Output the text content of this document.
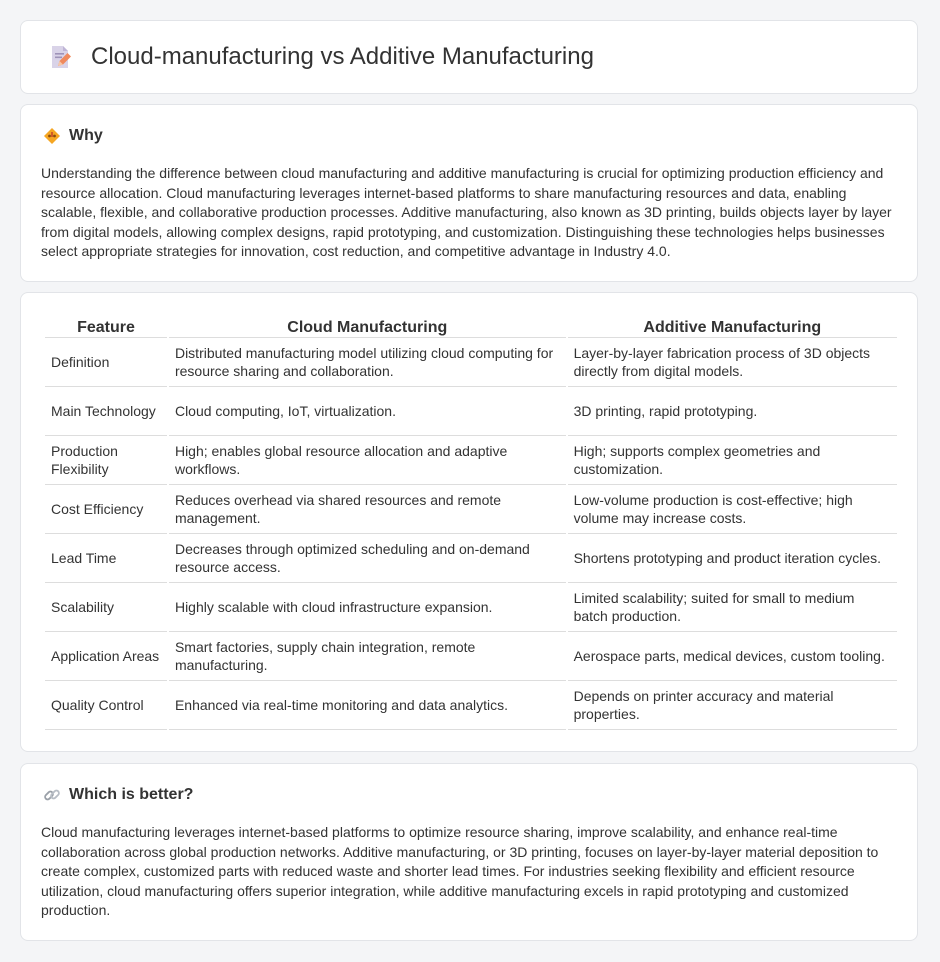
Cloud-manufacturing vs Additive Manufacturing
Why

Understanding the difference between cloud manufacturing and additive manufacturing is crucial for optimizing production efficiency and resource allocation. Cloud manufacturing leverages internet-based platforms to share manufacturing resources and data, enabling scalable, flexible, and collaborative production processes. Additive manufacturing, also known as 3D printing, builds objects layer by layer from digital models, allowing complex designs, rapid prototyping, and customization. Distinguishing these technologies helps businesses select appropriate strategies for innovation, cost reduction, and competitive advantage in Industry 4.0.

Feature	Cloud Manufacturing	Additive Manufacturing
Definition	Distributed manufacturing model utilizing cloud computing for resource sharing and collaboration.	Layer-by-layer fabrication process of 3D objects directly from digital models.
Main Technology	Cloud computing, IoT, virtualization.	3D printing, rapid prototyping.
Production Flexibility	High; enables global resource allocation and adaptive workflows.	High; supports complex geometries and customization.
Cost Efficiency	Reduces overhead via shared resources and remote management.	Low-volume production is cost-effective; high volume may increase costs.
Lead Time	Decreases through optimized scheduling and on-demand resource access.	Shortens prototyping and product iteration cycles.
Scalability	Highly scalable with cloud infrastructure expansion.	Limited scalability; suited for small to medium batch production.
Application Areas	Smart factories, supply chain integration, remote manufacturing.	Aerospace parts, medical devices, custom tooling.
Quality Control	Enhanced via real-time monitoring and data analytics.	Depends on printer accuracy and material properties.
Which is better?

Cloud manufacturing leverages internet-based platforms to optimize resource sharing, improve scalability, and enhance real-time collaboration across global production networks. Additive manufacturing, or 3D printing, focuses on layer-by-layer material deposition to create complex, customized parts with reduced waste and shorter lead times. For industries seeking flexibility and efficient resource utilization, cloud manufacturing offers superior integration, while additive manufacturing excels in rapid prototyping and customized production.
